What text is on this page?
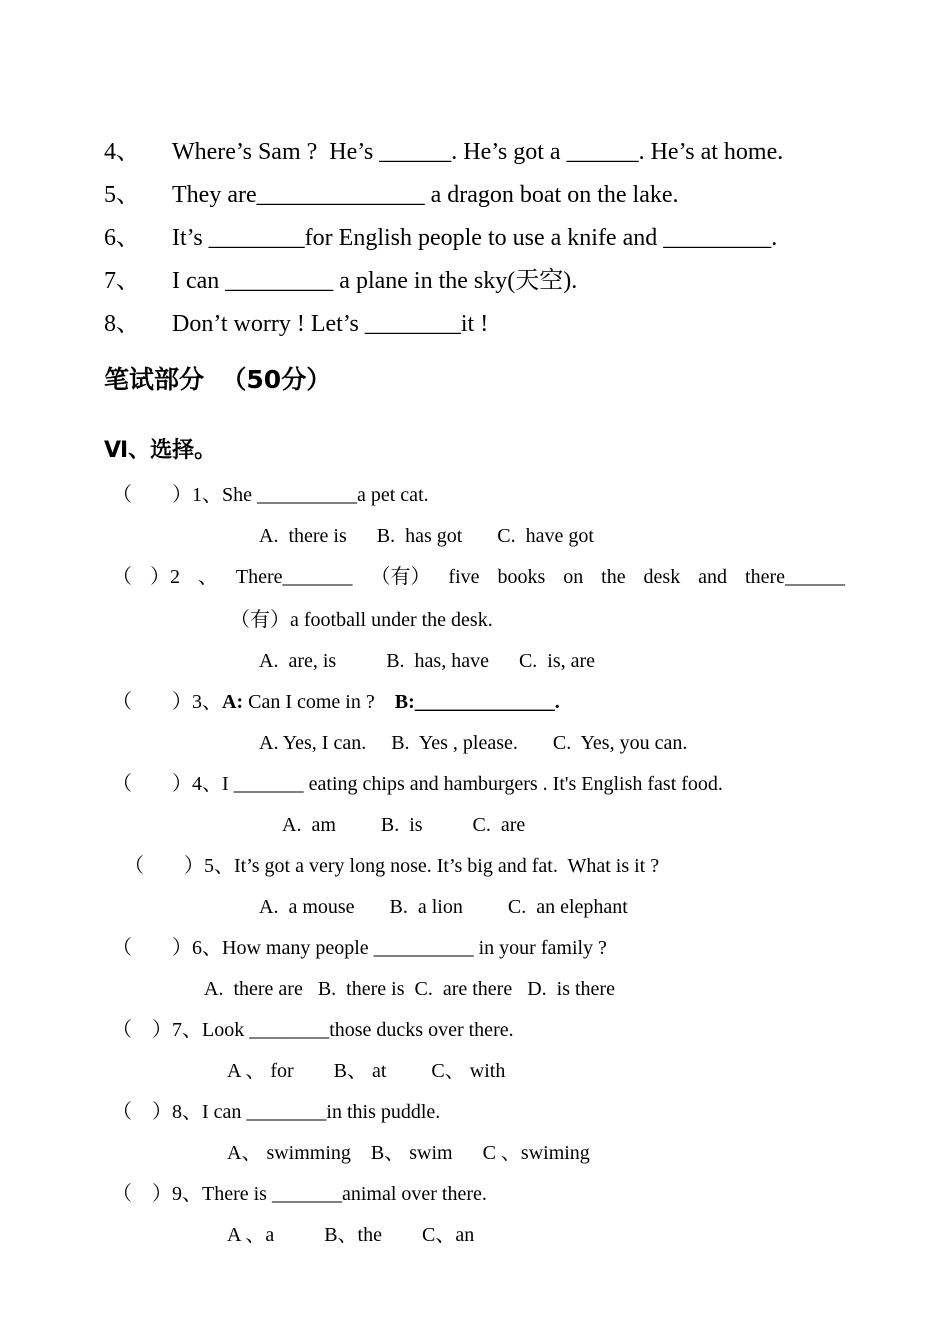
4、 Where’s Sam ?  He’s ______. He’s got a ______. He’s at home.
5、 They are______________ a dragon boat on the lake.
6、 It’s ________for English people to use a knife and _________.
7、 I can _________ a plane in the sky(天空).
8、 Don’t worry ! Let’s ________it !
笔试部分  （50分）
Ⅵ、选择。
（        ）1、She __________a pet cat.
A.  there is      B.  has got       C.  have got
（ ）2 、 There_______ （有） five books on the desk and there______
（有）a football under the desk.
A.  are, is          B.  has, have      C.  is, are
（        ）3、A: Can I come in ?    B:______________.
A. Yes, I can.     B.  Yes , please.       C.  Yes, you can.
（        ）4、I _______ eating chips and hamburgers . It's English fast food.
A.  am         B.  is          C.  are
（        ）5、It’s got a very long nose. It’s big and fat.  What is it ?
A.  a mouse       B.  a lion         C.  an elephant
（        ）6、How many people __________ in your family ?
A.  there are   B.  there is  C.  are there   D.  is there
（    ）7、Look ________those ducks over there.
A 、 for        B、 at         C、 with
（    ）8、I can ________in this puddle.
A、 swimming    B、 swim      C 、swiming
（    ）9、There is _______animal over there.
A 、a          B、the        C、an
